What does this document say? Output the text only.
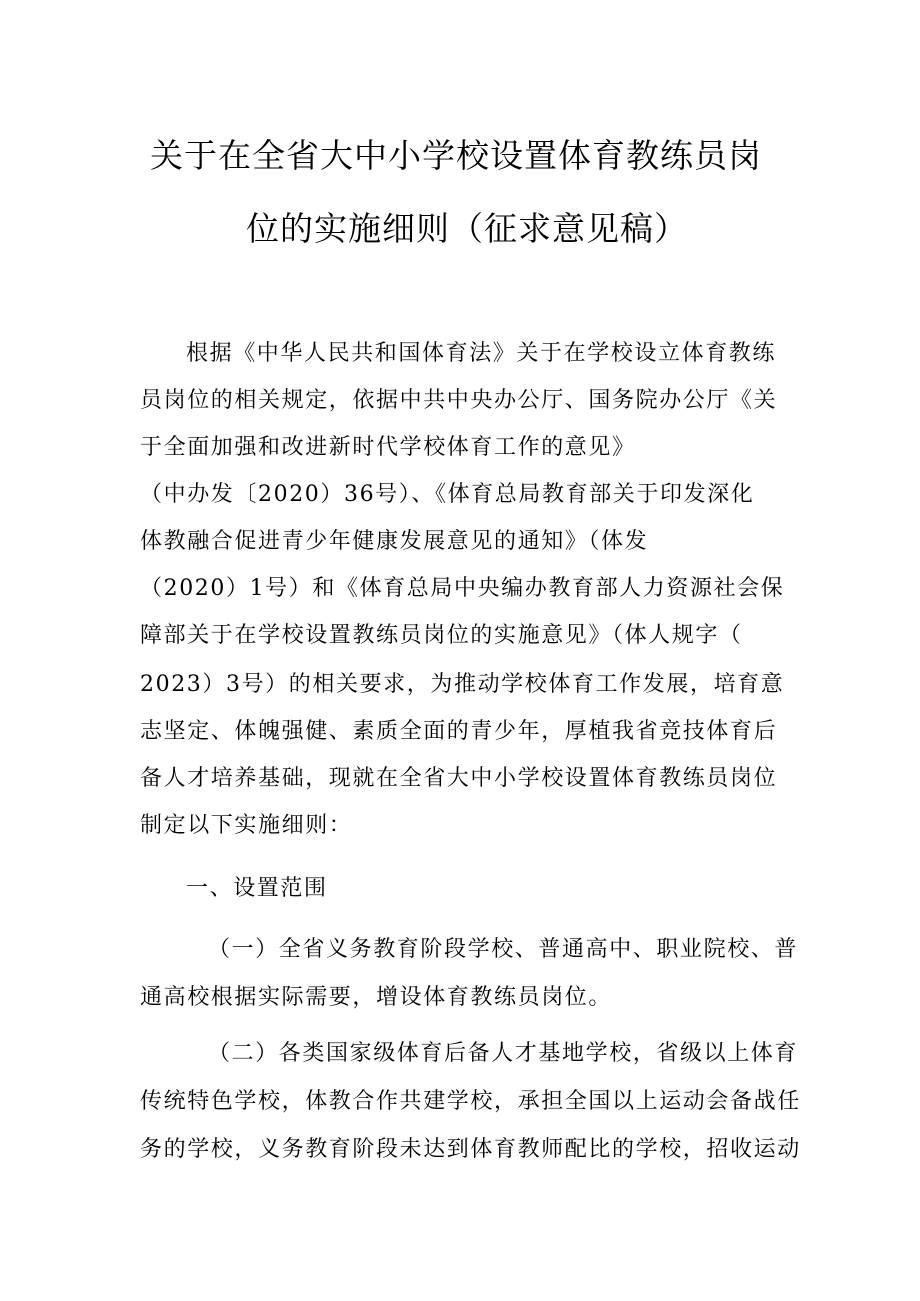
关于在全省大中小学校设置体育教练员岗
位的实施细则（征求意见稿）
根据《中华人民共和国体育法》关于在学校设立体育教练
员岗位的相关规定，依据中共中央办公厅、国务院办公厅《关
于全面加强和改进新时代学校体育工作的意见》
（中办发〔2020）36号）、《体育总局教育部关于印发深化
体教融合促进青少年健康发展意见的通知》（体发
（2020）1号）和《体育总局中央编办教育部人力资源社会保
障部关于在学校设置教练员岗位的实施意见》（体人规字（
2023）3号）的相关要求，为推动学校体育工作发展，培育意
志坚定、体魄强健、素质全面的青少年，厚植我省竞技体育后
备人才培养基础，现就在全省大中小学校设置体育教练员岗位
制定以下实施细则：
一、设置范围
（一）全省义务教育阶段学校、普通高中、职业院校、普
通高校根据实际需要，增设体育教练员岗位。
（二）各类国家级体育后备人才基地学校，省级以上体育
传统特色学校，体教合作共建学校，承担全国以上运动会备战任
务的学校，义务教育阶段未达到体育教师配比的学校，招收运动
